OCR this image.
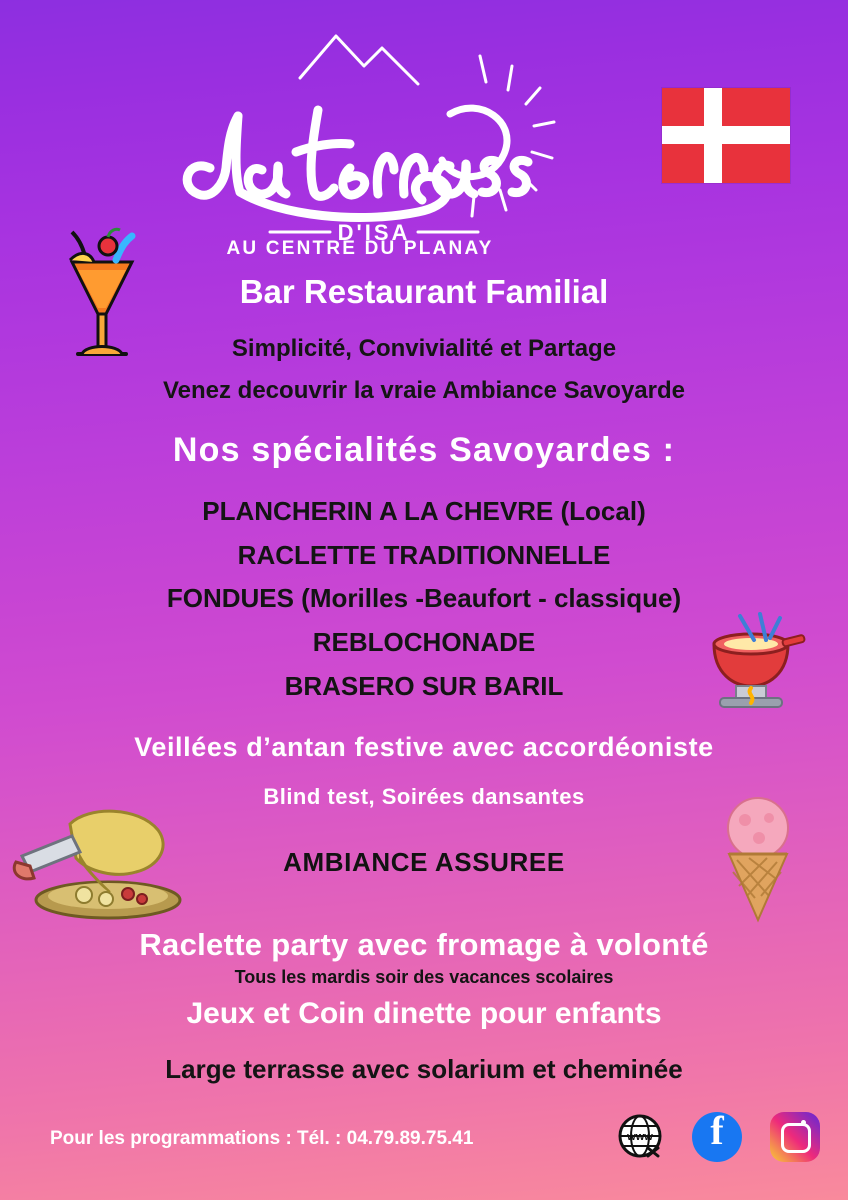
D'ISA
AU CENTRE DU PLANAY
Bar Restaurant Familial
Simplicité, Convivialité et Partage
Venez decouvrir la vraie Ambiance Savoyarde
Nos spécialités Savoyardes :
PLANCHERIN A LA CHEVRE (Local)
RACLETTE TRADITIONNELLE
FONDUES (Morilles -Beaufort - classique)
REBLOCHONADE
BRASERO SUR BARIL
Veillées d’antan festive avec accordéoniste
Blind test, Soirées dansantes
AMBIANCE ASSUREE
Raclette party avec fromage à volonté
Tous les mardis soir des vacances scolaires
Jeux et Coin dinette pour enfants
Large terrasse avec solarium et cheminée
Pour les programmations : Tél. : 04.79.89.75.41	www
f
